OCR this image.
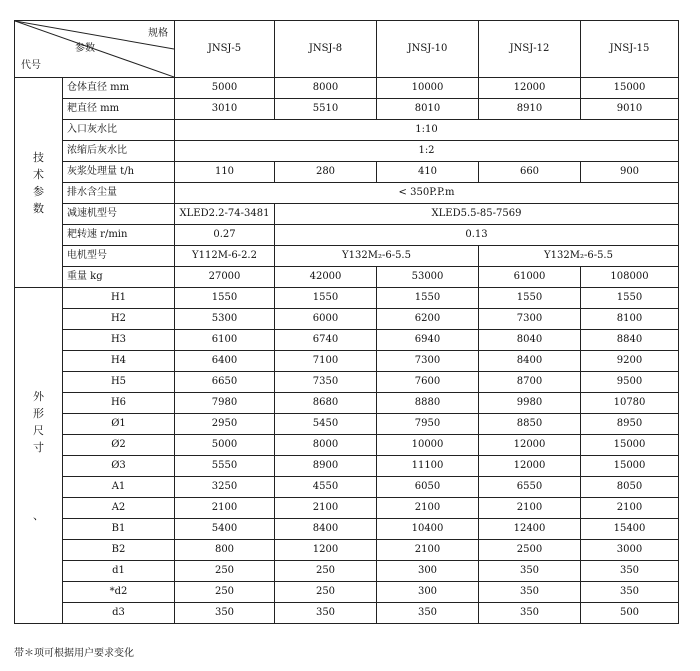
规格
参数
代号		JNSJ-5	JNSJ-8	JNSJ-10	JNSJ-12	JNSJ-15
技术参数	仓体直径 mm	5000	8000	10000	12000	15000
	耙直径 mm	3010	5510	8010	8910	9010
	入口灰水比	1:10				
	浓缩后灰水比	1:2				
	灰浆处理量 t/h	110	280	410	660	900
	排水含尘量	< 350P.P.m				
	减速机型号	XLED2.2-74-3481	XLED5.5-85-7569			
	耙转速 r/min	0.27	0.13			
	电机型号	Y112M-6-2.2	Y132M₂-6-5.5		Y132M₂-6-5.5	
	重量 kg	27000	42000	53000	61000	108000
外形尺寸

、	H1	1550	1550	1550	1550	1550
	H2	5300	6000	6200	7300	8100
	H3	6100	6740	6940	8040	8840
	H4	6400	7100	7300	8400	9200
	H5	6650	7350	7600	8700	9500
	H6	7980	8680	8880	9980	10780
	Ø1	2950	5450	7950	8850	8950
	Ø2	5000	8000	10000	12000	15000
	Ø3	5550	8900	11100	12000	15000
	A1	3250	4550	6050	6550	8050
	A2	2100	2100	2100	2100	2100
	B1	5400	8400	10400	12400	15400
	B2	800	1200	2100	2500	3000
	d1	250	250	300	350	350
	*d2	250	250	300	350	350
	d3	350	350	350	350	500
带＊项可根据用户要求变化
